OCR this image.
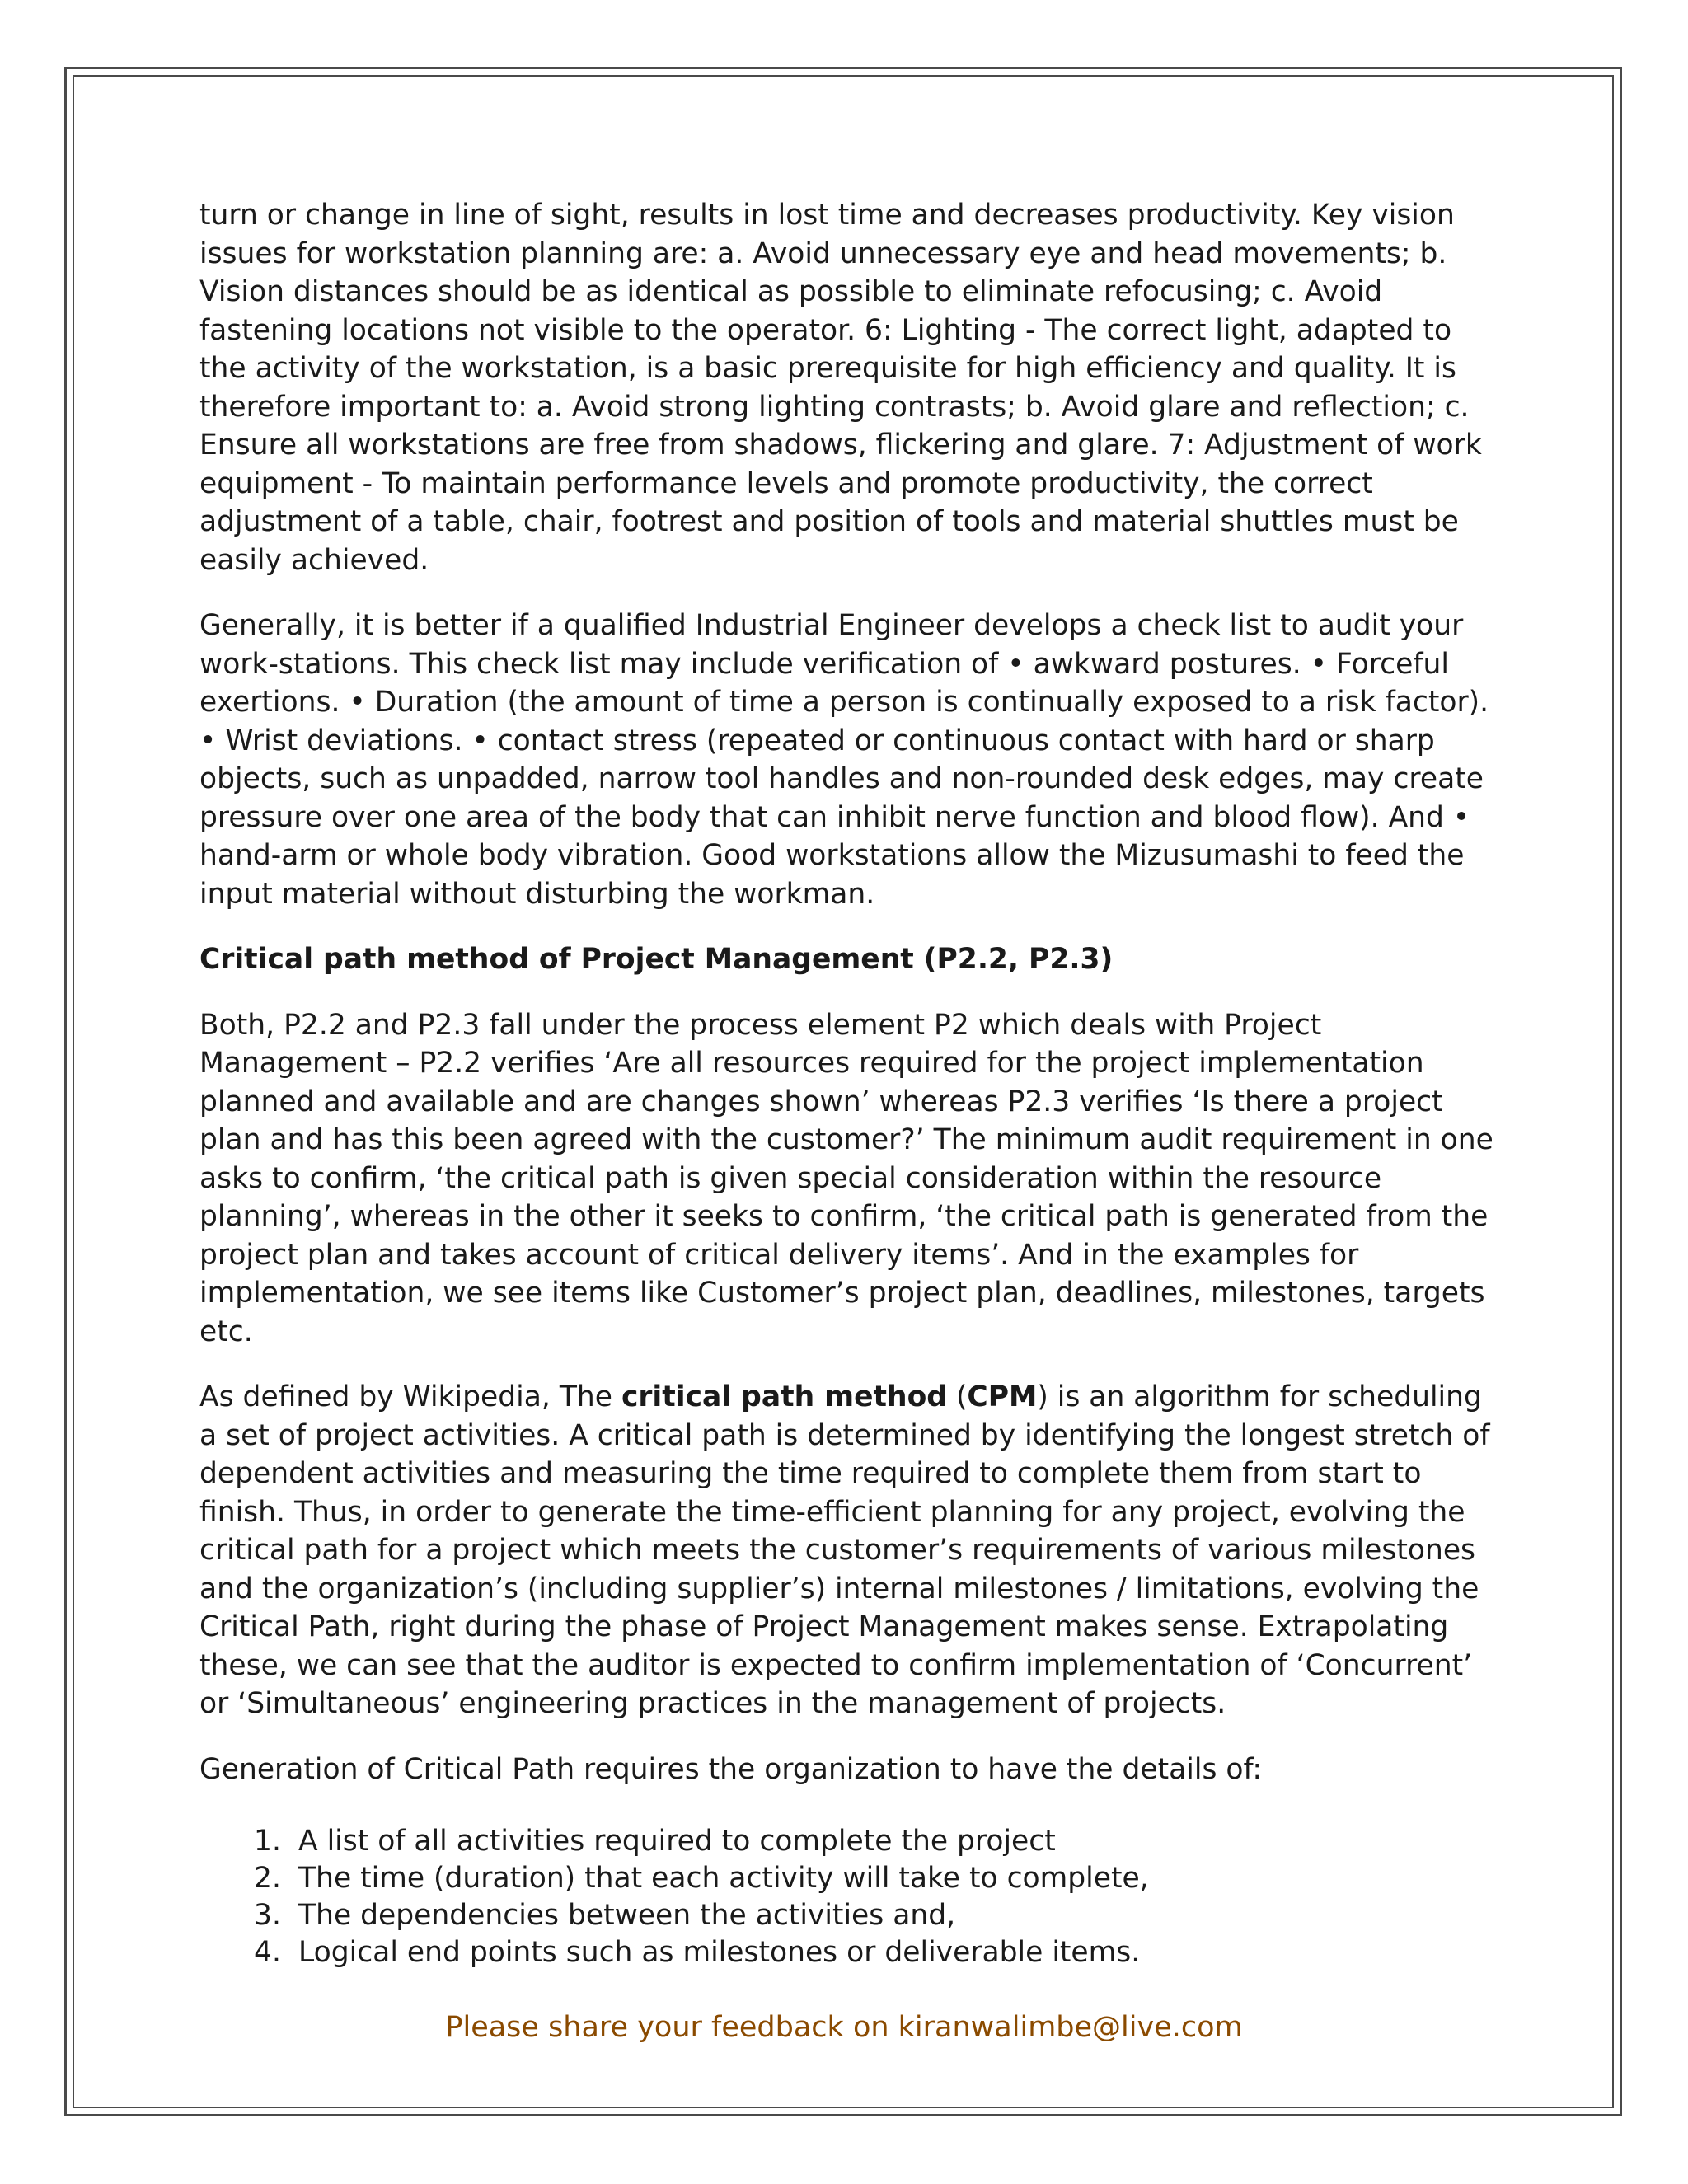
turn or change in line of sight, results in lost time and decreases productivity. Key vision issues for workstation planning are: a. Avoid unnecessary eye and head movements; b. Vision distances should be as identical as possible to eliminate refocusing; c. Avoid fastening locations not visible to the operator. 6: Lighting - The correct light, adapted to the activity of the workstation, is a basic prerequisite for high efficiency and quality. It is therefore important to: a. Avoid strong lighting contrasts; b. Avoid glare and reflection; c. Ensure all workstations are free from shadows, flickering and glare. 7: Adjustment of work equipment - To maintain performance levels and promote productivity, the correct adjustment of a table, chair, footrest and position of tools and material shuttles must be easily achieved.

Generally, it is better if a qualified Industrial Engineer develops a check list to audit your work-stations. This check list may include verification of • awkward postures. • Forceful exertions. • Duration (the amount of time a person is continually exposed to a risk factor). • Wrist deviations. • contact stress (repeated or continuous contact with hard or sharp objects, such as unpadded, narrow tool handles and non-rounded desk edges, may create pressure over one area of the body that can inhibit nerve function and blood flow). And • hand-arm or whole body vibration. Good workstations allow the Mizusumashi to feed the input material without disturbing the workman.

Critical path method of Project Management (P2.2, P2.3)

Both, P2.2 and P2.3 fall under the process element P2 which deals with Project Management – P2.2 verifies ‘Are all resources required for the project implementation planned and available and are changes shown’ whereas P2.3 verifies ‘Is there a project plan and has this been agreed with the customer?’ The minimum audit requirement in one asks to confirm, ‘the critical path is given special consideration within the resource planning’, whereas in the other it seeks to confirm, ‘the critical path is generated from the project plan and takes account of critical delivery items’. And in the examples for implementation, we see items like Customer’s project plan, deadlines, milestones, targets etc.

As defined by Wikipedia, The critical path method (CPM) is an algorithm for scheduling a set of project activities. A critical path is determined by identifying the longest stretch of dependent activities and measuring the time required to complete them from start to finish. Thus, in order to generate the time-efficient planning for any project, evolving the critical path for a project which meets the customer’s requirements of various milestones and the organization’s (including supplier’s) internal milestones / limitations, evolving the Critical Path, right during the phase of Project Management makes sense. Extrapolating these, we can see that the auditor is expected to confirm implementation of ‘Concurrent’ or ‘Simultaneous’ engineering practices in the management of projects.

Generation of Critical Path requires the organization to have the details of:

1. A list of all activities required to complete the project
2. The time (duration) that each activity will take to complete,
3. The dependencies between the activities and,
4. Logical end points such as milestones or deliverable items.
Please share your feedback on kiranwalimbe@live.com
